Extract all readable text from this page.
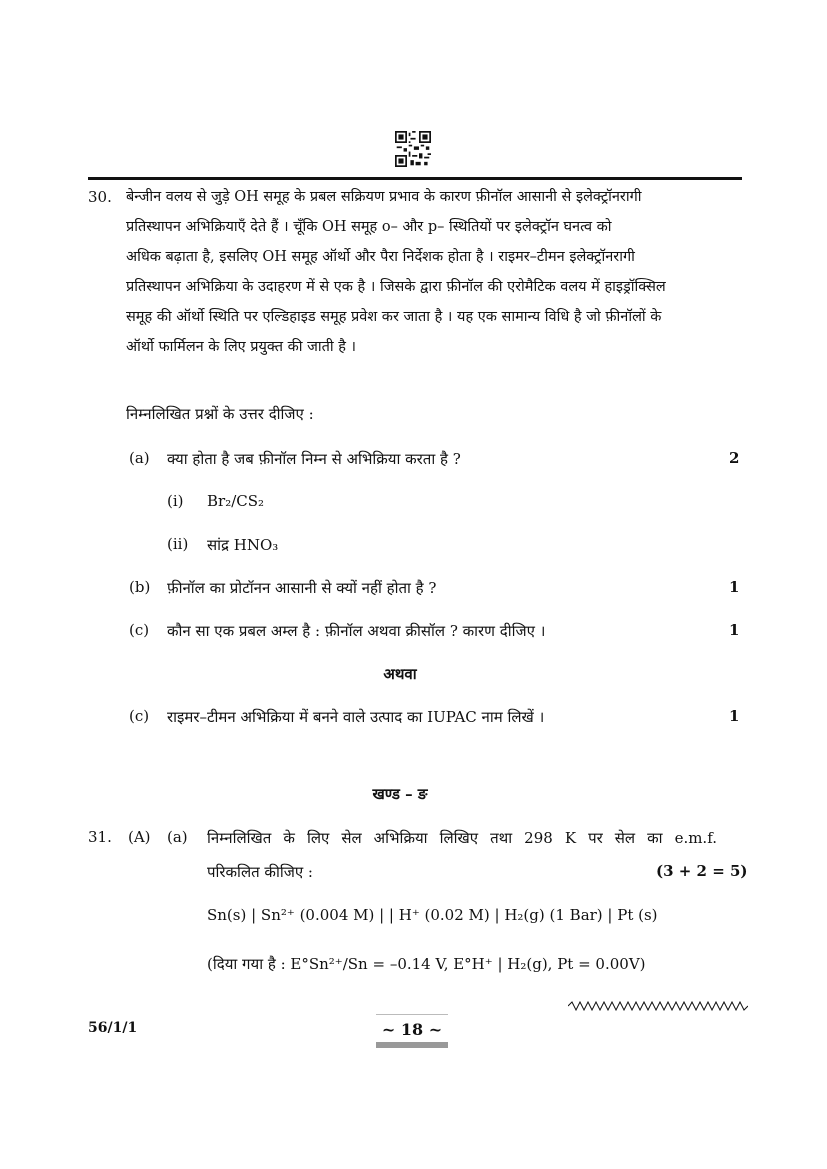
30. बेन्जीन वलय से जुड़े OH समूह के प्रबल सक्रियण प्रभाव के कारण फ़ीनॉल आसानी से इलेक्ट्रॉनरागी
प्रतिस्थापन अभिक्रियाएँ देते हैं । चूँकि OH समूह o– और p– स्थितियों पर इलेक्ट्रॉन घनत्व को
अधिक बढ़ाता है, इसलिए OH समूह ऑर्थो और पैरा निर्देशक होता है । राइमर–टीमन इलेक्ट्रॉनरागी
प्रतिस्थापन अभिक्रिया के उदाहरण में से एक है । जिसके द्वारा फ़ीनॉल की एरोमैटिक वलय में हाइड्रॉक्सिल
समूह की ऑर्थो स्थिति पर एल्डिहाइड समूह प्रवेश कर जाता है । यह एक सामान्य विधि है जो फ़ीनॉलों के
ऑर्थो फार्मिलन के लिए प्रयुक्त की जाती है ।
निम्नलिखित प्रश्नों के उत्तर दीजिए :
(a) क्या होता है जब फ़ीनॉल निम्न से अभिक्रिया करता है ?	2
(i) Br₂/CS₂
(ii) सांद्र HNO₃
(b) फ़ीनॉल का प्रोटॉनन आसानी से क्यों नहीं होता है ?	1
(c) कौन सा एक प्रबल अम्ल है : फ़ीनॉल अथवा क्रीसॉल ? कारण दीजिए ।	1
अथवा
(c) राइमर–टीमन अभिक्रिया में बनने वाले उत्पाद का IUPAC नाम लिखें ।	1
खण्ड – ङ
31. (A) (a) निम्नलिखित के लिए सेल अभिक्रिया लिखिए तथा 298 K पर सेल का e.m.f.
परिकलित कीजिए :	(3 + 2 = 5)
Sn(s) | Sn²⁺ (0.004 M) | | H⁺ (0.02 M) | H₂(g) (1 Bar) | Pt (s)
(दिया गया है : E°Sn²⁺/Sn = –0.14 V, E°H⁺ | H₂(g), Pt = 0.00V)
56/1/1	~ 18 ~
